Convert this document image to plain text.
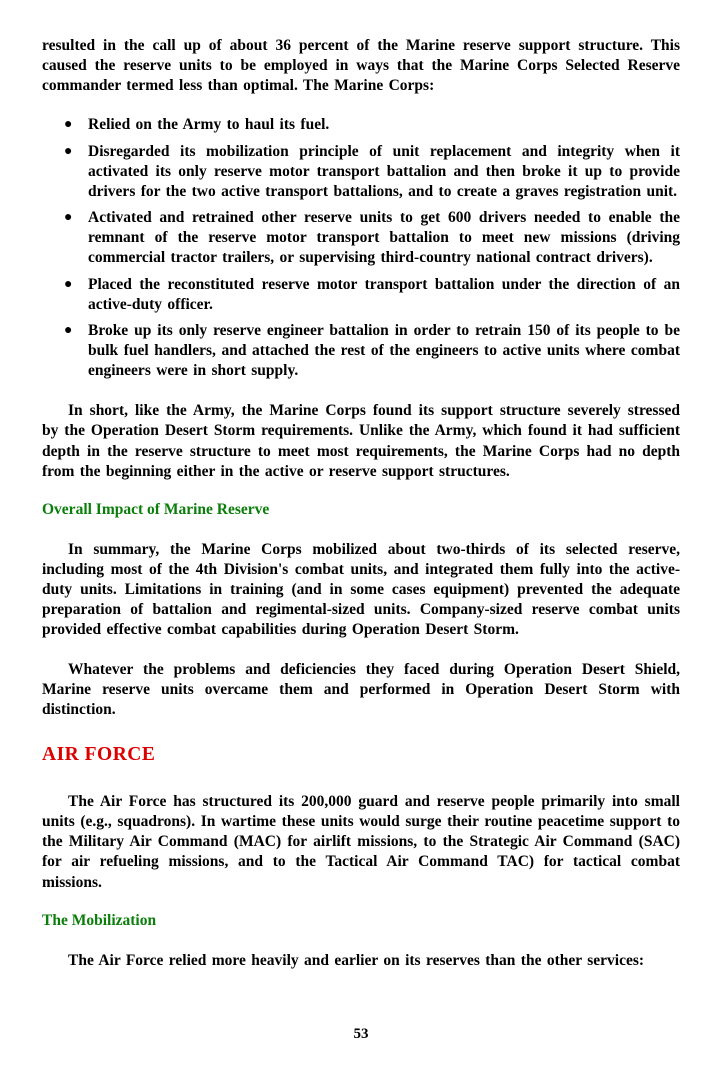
resulted in the call up of about 36 percent of the Marine reserve support structure. This caused the reserve units to be employed in ways that the Marine Corps Selected Reserve commander termed less than optimal. The Marine Corps:

●	Relied on the Army to haul its fuel.
●	Disregarded its mobilization principle of unit replacement and integrity when it activated its only reserve motor transport battalion and then broke it up to provide drivers for the two active transport battalions, and to create a graves registration unit.
●	Activated and retrained other reserve units to get 600 drivers needed to enable the remnant of the reserve motor transport battalion to meet new missions (driving commercial tractor trailers, or supervising third-country national contract drivers).
●	Placed the reconstituted reserve motor transport battalion under the direction of an active-duty officer.
●	Broke up its only reserve engineer battalion in order to retrain 150 of its people to be bulk fuel handlers, and attached the rest of the engineers to active units where combat engineers were in short supply.

In short, like the Army, the Marine Corps found its support structure severely stressed by the Operation Desert Storm requirements. Unlike the Army, which found it had sufficient depth in the reserve structure to meet most requirements, the Marine Corps had no depth from the beginning either in the active or reserve support structures.

Overall Impact of Marine Reserve

In summary, the Marine Corps mobilized about two-thirds of its selected reserve, including most of the 4th Division's combat units, and integrated them fully into the active-duty units. Limitations in training (and in some cases equipment) prevented the adequate preparation of battalion and regimental-sized units. Company-sized reserve combat units provided effective combat capabilities during Operation Desert Storm.

Whatever the problems and deficiencies they faced during Operation Desert Shield, Marine reserve units overcame them and performed in Operation Desert Storm with distinction.

AIR FORCE

The Air Force has structured its 200,000 guard and reserve people primarily into small units (e.g., squadrons). In wartime these units would surge their routine peacetime support to the Military Air Command (MAC) for airlift missions, to the Strategic Air Command (SAC) for air refueling missions, and to the Tactical Air Command TAC) for tactical combat missions.

The Mobilization

The Air Force relied more heavily and earlier on its reserves than the other services:

53
